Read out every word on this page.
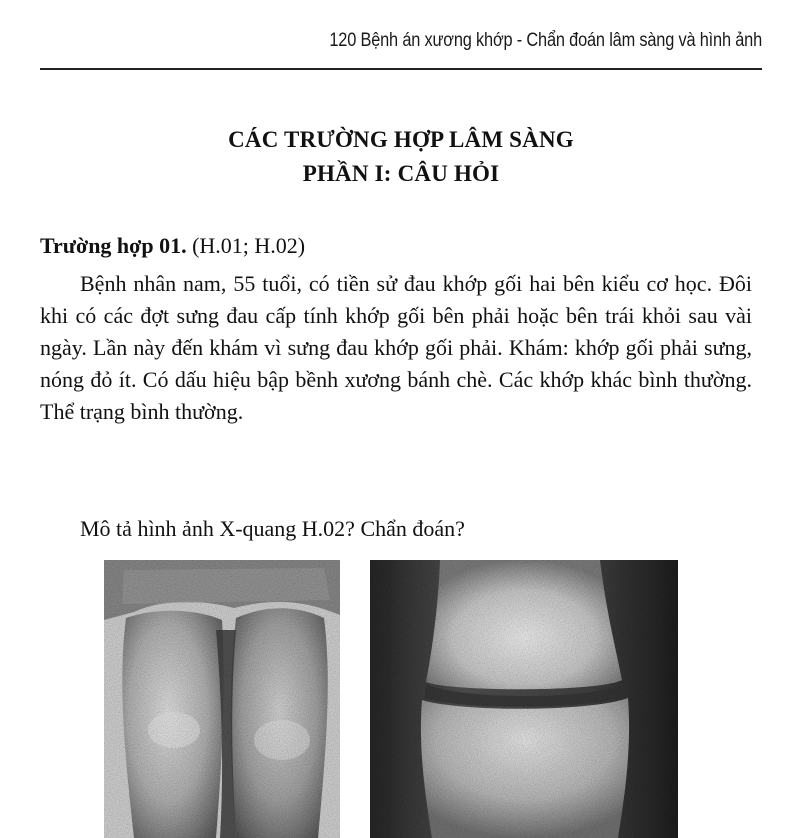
120 Bệnh án xương khớp - Chẩn đoán lâm sàng và hình ảnh
CÁC TRƯỜNG HỢP LÂM SÀNG
PHẦN I: CÂU HỎI
Trường hợp 01. (H.01; H.02)

Bệnh nhân nam, 55 tuổi, có tiền sử đau khớp gối hai bên kiểu cơ học. Đôi khi có các đợt sưng đau cấp tính khớp gối bên phải hoặc bên trái khỏi sau vài ngày. Lần này đến khám vì sưng đau khớp gối phải. Khám: khớp gối phải sưng, nóng đỏ ít. Có dấu hiệu bập bềnh xương bánh chè. Các khớp khác bình thường. Thể trạng bình thường.

Mô tả hình ảnh X-quang H.02? Chẩn đoán?
